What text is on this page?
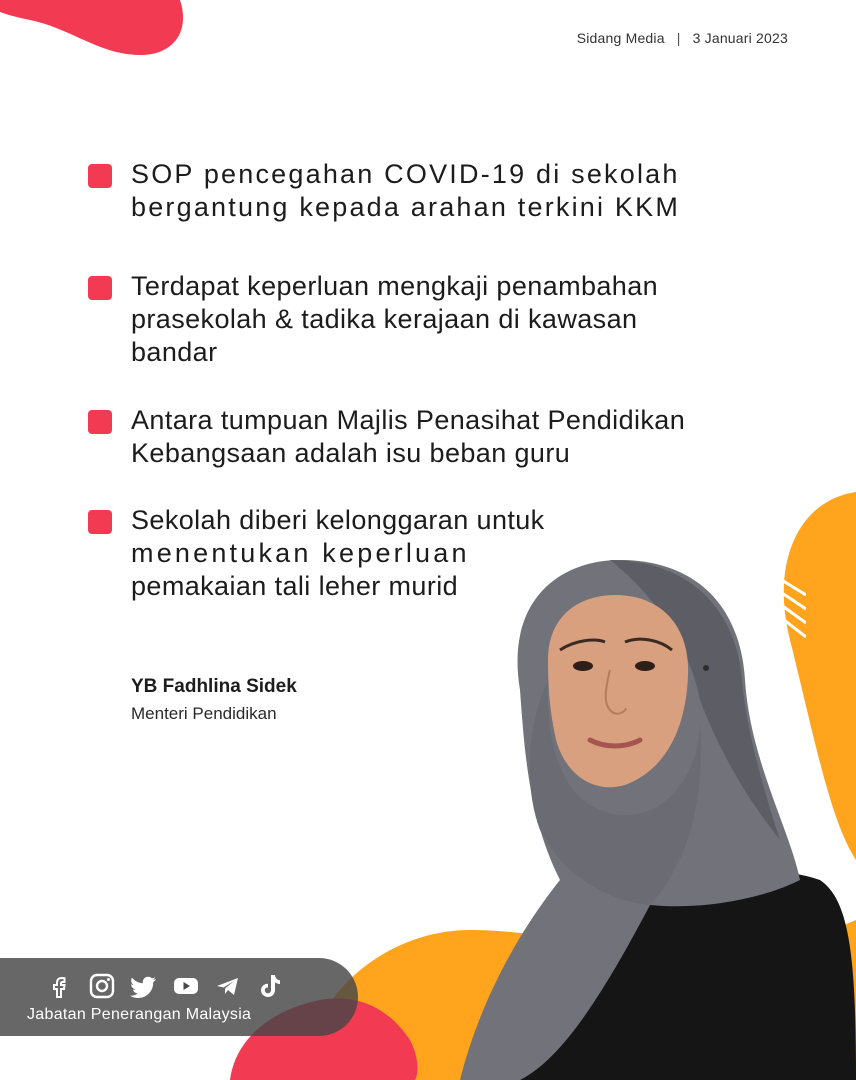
Sidang Media | 3 Januari 2023
SOP pencegahan COVID-19 di sekolah
bergantung kepada arahan terkini KKM
Terdapat keperluan mengkaji penambahan
prasekolah & tadika kerajaan di kawasan
bandar
Antara tumpuan Majlis Penasihat Pendidikan
Kebangsaan adalah isu beban guru
Sekolah diberi kelonggaran untuk
menentukan keperluan
pemakaian tali leher murid
YB Fadhlina Sidek
Menteri Pendidikan
Jabatan Penerangan Malaysia
